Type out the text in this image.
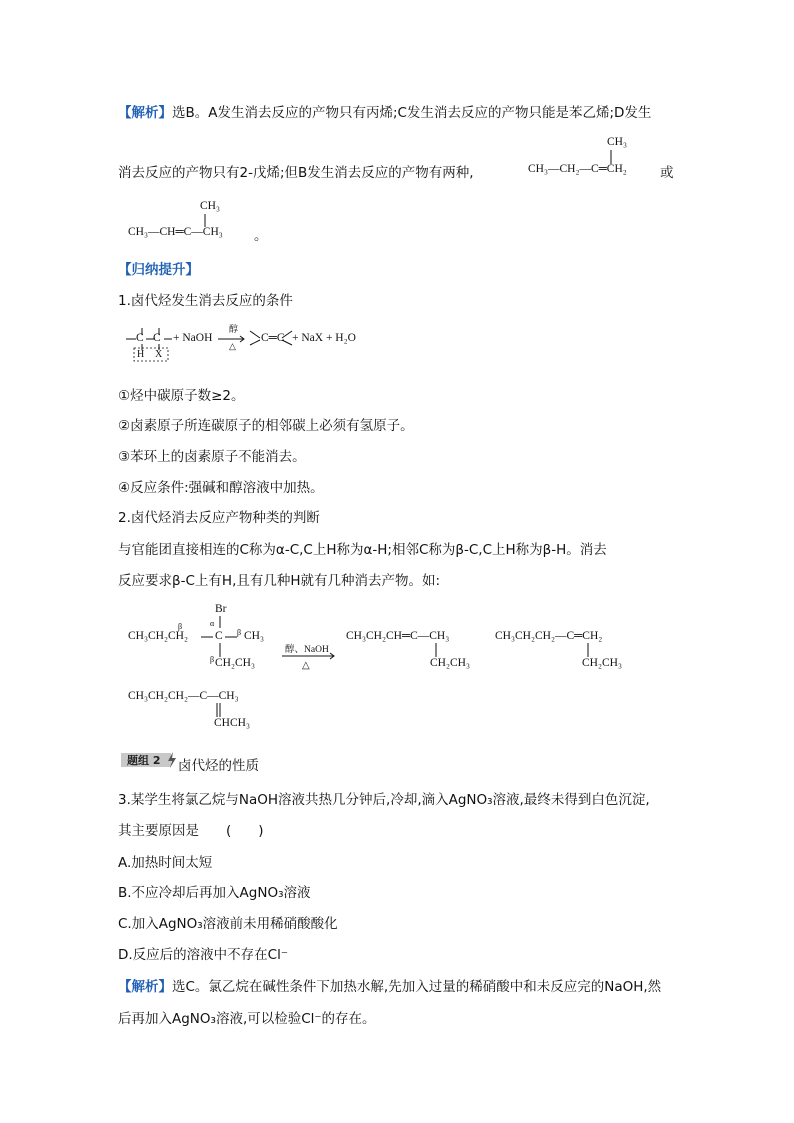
【解析】选B。A发生消去反应的产物只有丙烯;C发生消去反应的产物只能是苯乙烯;D发生
消去反应的产物只有2-戊烯;但B发生消去反应的产物有两种,
CH₃
CH₃—CH₂—C═CH₂ 或
CH₃
CH₃—CH═C—CH₃ 。
【归纳提升】
1.卤代烃发生消去反应的条件
C C
H X
+ NaOH
醇
△
C═C + NaX + H₂O
①烃中碳原子数≥2。
②卤素原子所连碳原子的相邻碳上必须有氢原子。
③苯环上的卤素原子不能消去。
④反应条件:强碱和醇溶液中加热。
2.卤代烃消去反应产物种类的判断
与官能团直接相连的C称为α-C,C上H称为α-H;相邻C称为β-C,C上H称为β-H。消去
反应要求β-C上有H,且有几种H就有几种消去产物。如:
Br
α
β
β
β
CH₃CH₂CH₂ C CH₃
CH₂CH₃
醇、NaOH
△
CH₃CH₂CH═C—CH₃
CH₂CH₃
CH₃CH₂CH₂—C═CH₂
CH₂CH₃
CH₃CH₂CH₂—C—CH₃
CHCH₃
题组 2 卤代烃的性质
3.某学生将氯乙烷与NaOH溶液共热几分钟后,冷却,滴入AgNO₃溶液,最终未得到白色沉淀,
其主要原因是　　(　　)
A.加热时间太短
B.不应冷却后再加入AgNO₃溶液
C.加入AgNO₃溶液前未用稀硝酸酸化
D.反应后的溶液中不存在Cl⁻
【解析】选C。氯乙烷在碱性条件下加热水解,先加入过量的稀硝酸中和未反应完的NaOH,然
后再加入AgNO₃溶液,可以检验Cl⁻的存在。
